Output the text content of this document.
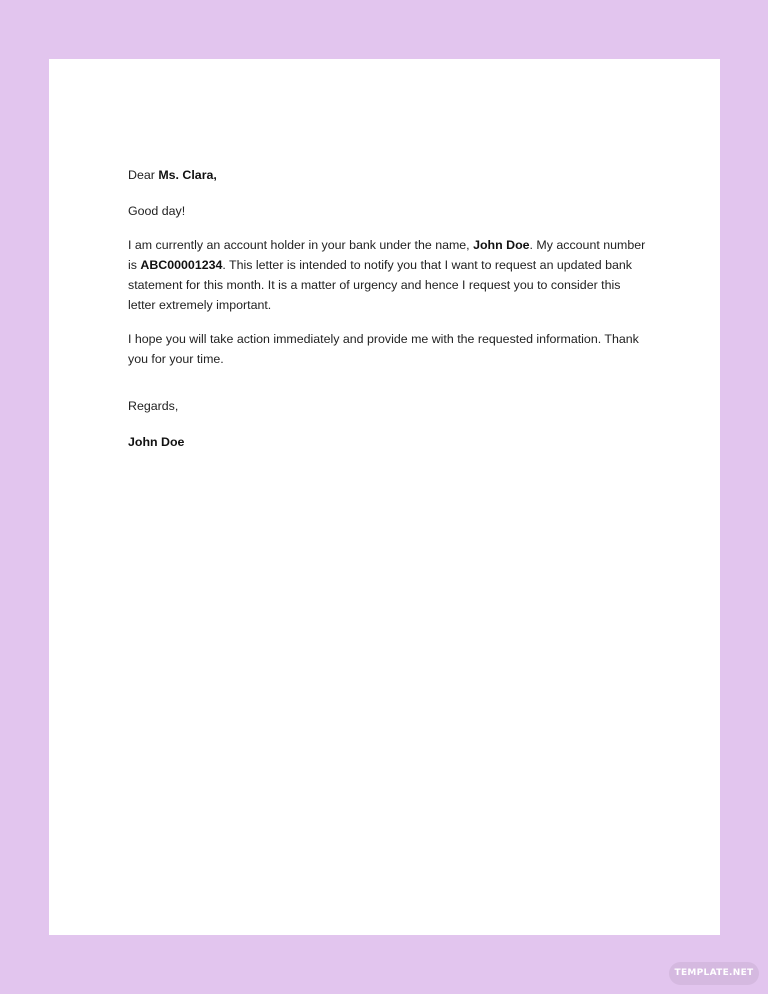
Dear Ms. Clara,

Good day!

I am currently an account holder in your bank under the name, John Doe. My account number is ABC00001234. This letter is intended to notify you that I want to request an updated bank statement for this month. It is a matter of urgency and hence I request you to consider this letter extremely important.

I hope you will take action immediately and provide me with the requested information. Thank you for your time.

Regards,

John Doe

TEMPLATE.NET
